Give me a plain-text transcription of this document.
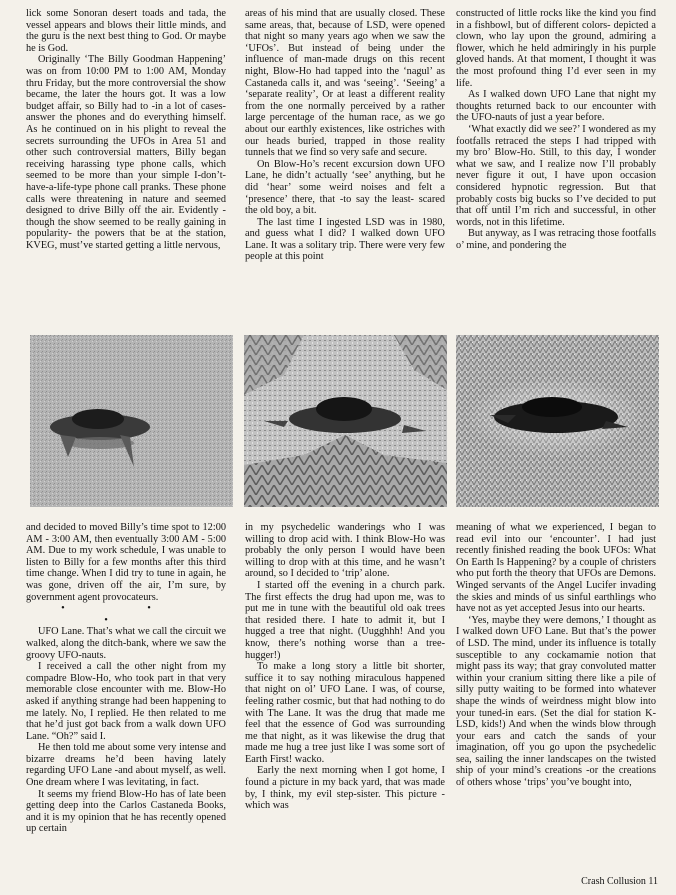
lick some Sonoran desert toads and tada, the vessel appears and blows their little minds, and the guru is the next best thing to God. Or maybe he is God.

Originally ‘The Billy Goodman Happening’ was on from 10:00 PM to 1:00 AM, Monday thru Friday, but the more controversial the show became, the later the hours got. It was a low budget affair, so Billy had to -in a lot of cases- answer the phones and do everything himself. As he continued on in his plight to reveal the secrets surrounding the UFOs in Area 51 and other such controversial matters, Billy began receiving harassing type phone calls, which seemed to be more than your simple I-don’t-have-a-life-type phone call pranks. These phone calls were threatening in nature and seemed designed to drive Billy off the air. Evidently -though the show seemed to be really gaining in popularity- the powers that be at the station, KVEG, must’ve started getting a little nervous,

areas of his mind that are usually closed. These same areas, that, because of LSD, were opened that night so many years ago when we saw the ‘UFOs’. But instead of being under the influence of man-made drugs on this recent night, Blow-Ho had tapped into the ‘nagul’ as Castaneda calls it, and was ‘seeing’. ‘Seeing’ a ‘separate reality’, Or at least a different reality from the one normally perceived by a rather large percentage of the human race, as we go about our earthly existences, like ostriches with our heads buried, trapped in those reality tunnels that we find so very safe and secure.

On Blow-Ho’s recent excursion down UFO Lane, he didn’t actually ‘see’ anything, but he did ‘hear’ some weird noises and felt a ‘presence’ there, that -to say the least- scared the old boy, a bit.

The last time I ingested LSD was in 1980, and guess what I did? I walked down UFO Lane. It was a solitary trip. There were very few people at this point

constructed of little rocks like the kind you find in a fishbowl, but of different colors- depicted a clown, who lay upon the ground, admiring a flower, which he held admiringly in his purple gloved hands. At that moment, I thought it was the most profound thing I’d ever seen in my life.

As I walked down UFO Lane that night my thoughts returned back to our encounter with the UFO-nauts of just a year before.

‘What exactly did we see?’ I wondered as my footfalls retraced the steps I had tripped with my bro’ Blow-Ho. Still, to this day, I wonder what we saw, and I realize now I’ll probably never figure it out, I have upon occasion considered hypnotic regression. But that probably costs big bucks so I’ve decided to put that off until I’m rich and successful, in other words, not in this lifetime.

But anyway, as I was retracing those footfalls o’ mine, and pondering the

and decided to moved Billy’s time spot to 12:00 AM - 3:00 AM, then eventually 3:00 AM - 5:00 AM. Due to my work schedule, I was unable to listen to Billy for a few months after this third time change. When I did try to tune in again, he was gone, driven off the air, I’m sure, by government agent provocateurs.

• • •

UFO Lane. That’s what we call the circuit we walked, along the ditch-bank, where we saw the groovy UFO-nauts.

I received a call the other night from my compadre Blow-Ho, who took part in that very memorable close encounter with me. Blow-Ho asked if anything strange had been happening to me lately. No, I replied. He then related to me that he’d just got back from a walk down UFO Lane. “Oh?” said I.

He then told me about some very intense and bizarre dreams he’d been having lately regarding UFO Lane -and about myself, as well. One dream where I was levitating, in fact.

It seems my friend Blow-Ho has of late been getting deep into the Carlos Castaneda Books, and it is my opinion that he has recently opened up certain

in my psychedelic wanderings who I was willing to drop acid with. I think Blow-Ho was probably the only person I would have been willing to drop with at this time, and he wasn’t around, so I decided to ‘trip’ alone.

I started off the evening in a church park. The first effects the drug had upon me, was to put me in tune with the beautiful old oak trees that resided there. I hate to admit it, but I hugged a tree that night. (Uugghhh! And you know, there’s nothing worse than a tree-hugger!)

To make a long story a little bit shorter, suffice it to say nothing miraculous happened that night on ol’ UFO Lane. I was, of course, feeling rather cosmic, but that had nothing to do with The Lane. It was the drug that made me feel that the essence of God was surrounding me that night, as it was likewise the drug that made me hug a tree just like I was some sort of Earth First! wacko.

Early the next morning when I got home, I found a picture in my back yard, that was made by, I think, my evil step-sister. This picture -which was

meaning of what we experienced, I began to read evil into our ‘encounter’. I had just recently finished reading the book UFOs: What On Earth Is Happening? by a couple of christers who put forth the theory that UFOs are Demons. Winged servants of the Angel Lucifer invading the skies and minds of us sinful earthlings who have not as yet accepted Jesus into our hearts.

‘Yes, maybe they were demons,’ I thought as I walked down UFO Lane. But that’s the power of LSD. The mind, under its influence is totally susceptible to any cockamamie notion that might pass its way; that gray convoluted matter within your cranium sitting there like a pile of silly putty waiting to be formed into whatever shape the winds of weirdness might blow into your tuned-in ears. (Set the dial for station K-LSD, kids!) And when the winds blow through your ears and catch the sands of your imagination, off you go upon the psychedelic sea, sailing the inner landscapes on the twisted ship of your mind’s creations -or the creations of others whose ‘trips’ you’ve bought into,

Crash Collusion 11
